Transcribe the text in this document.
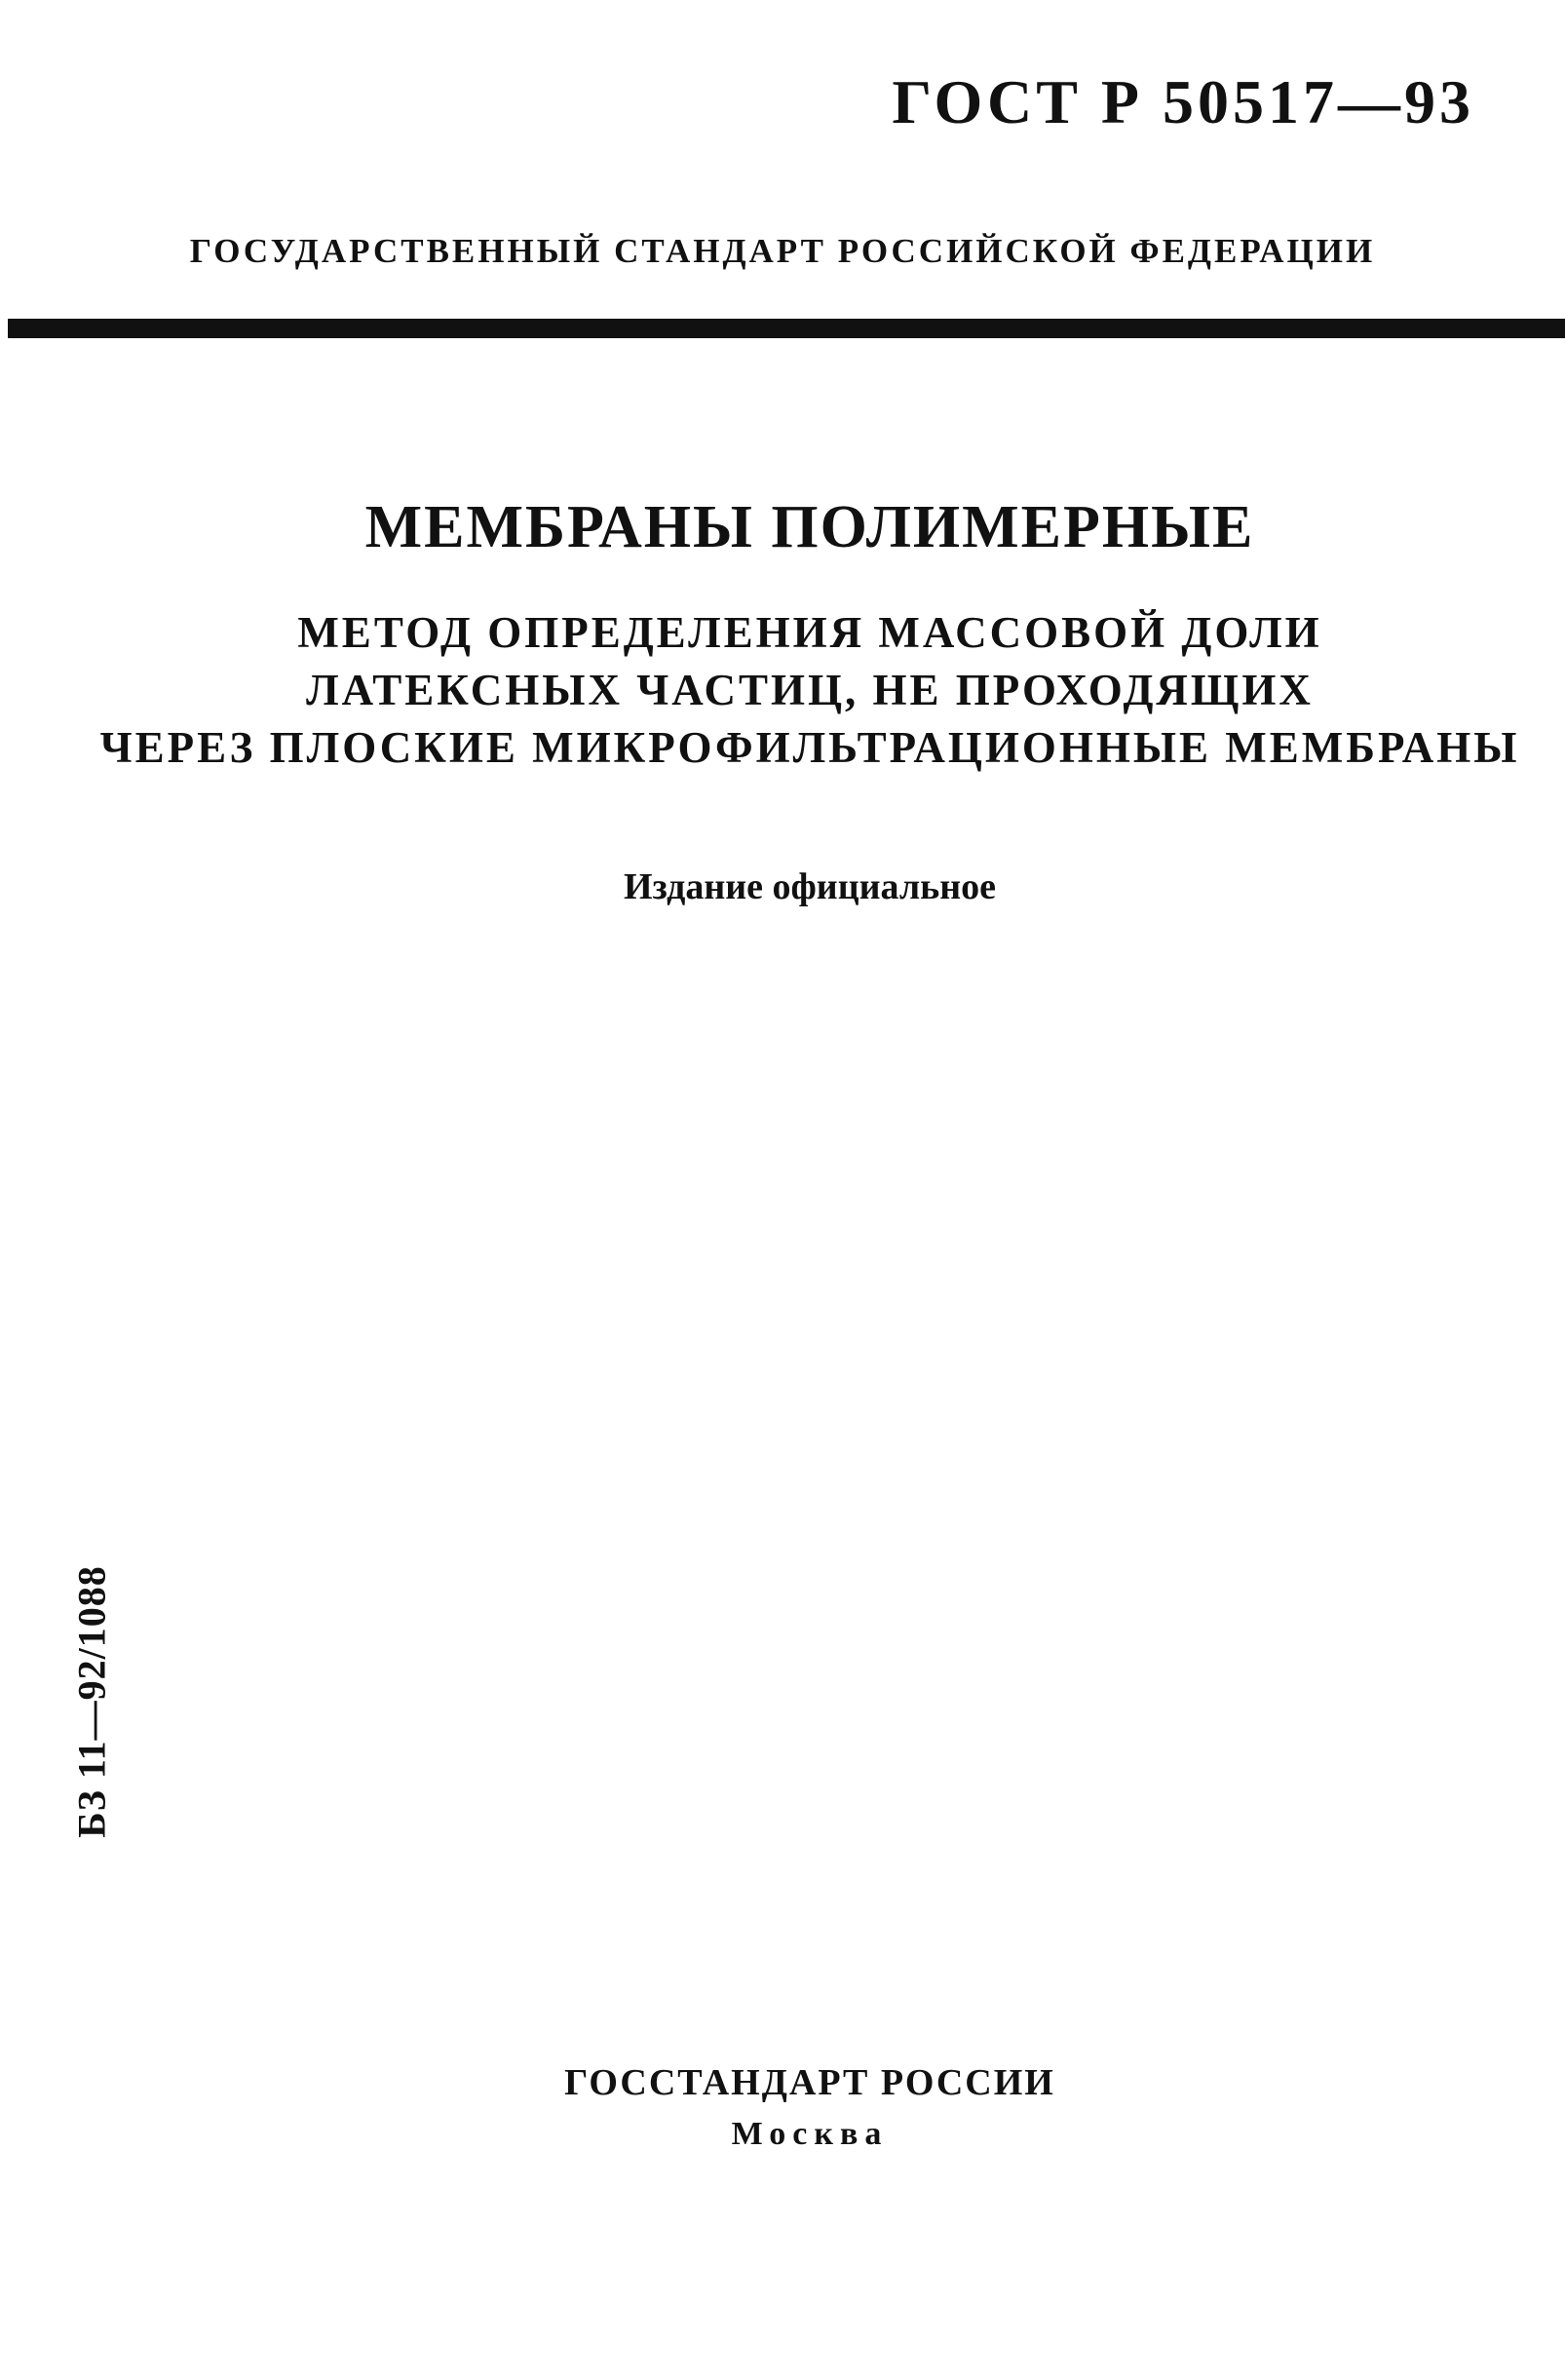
ГОСТ Р 50517—93
ГОСУДАРСТВЕННЫЙ СТАНДАРТ РОССИЙСКОЙ ФЕДЕРАЦИИ
МЕМБРАНЫ ПОЛИМЕРНЫЕ
МЕТОД ОПРЕДЕЛЕНИЯ МАССОВОЙ ДОЛИ
ЛАТЕКСНЫХ ЧАСТИЦ, НЕ ПРОХОДЯЩИХ
ЧЕРЕЗ ПЛОСКИЕ МИКРОФИЛЬТРАЦИОННЫЕ МЕМБРАНЫ
Издание официальное
БЗ 11—92/1088
ГОССТАНДАРТ РОССИИ
Москва
